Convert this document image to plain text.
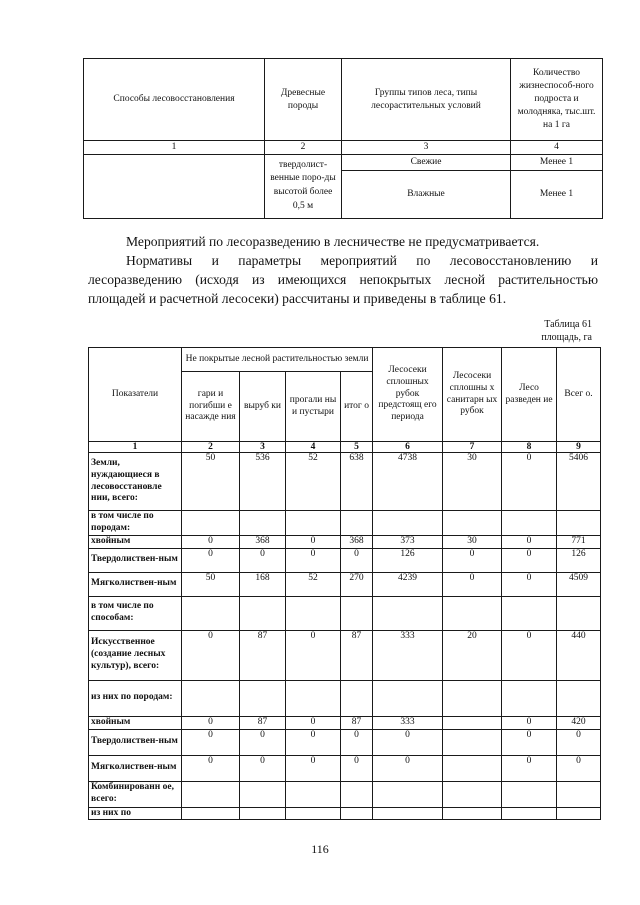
Способы лесовосстановления	Древесные породы	Группы типов леса, типы лесорастительных условий	Количество жизнеспособ-ного подроста и молодняка, тыс.шт. на 1 га
1	2	3	4
	твердолист-венные поро-ды высотой более 0,5 м	Свежие	Менее 1
		Влажные	Менее 1

Мероприятий по лесоразведению в лесничестве не предусматривается.

Нормативы и параметры мероприятий по лесовосстановлению и лесоразведению (исходя из имеющихся непокрытых лесной растительностью площадей и расчетной лесосеки) рассчитаны и приведены в таблице 61.

Таблица 61
площадь, га
Показатели	Не покрытые лесной растительностью земли				Лесосеки сплошных рубок предстоящ его периода	Лесосеки сплошны х санитарн ых рубок	Лесо разведен ие	Всег о.
	гари и погибши е насажде ния	выруб ки	прогали ны и пустыри	итог о				
1	2	3	4	5	6	7	8	9
Земли, нуждающиеся в лесовосстановле нии, всего:	50	536	52	638	4738	30	0	5406
в том числе по породам:								
хвойным	0	368	0	368	373	30	0	771
Твердолиствен-ным	0	0	0	0	126	0	0	126
Мягколиствен-ным	50	168	52	270	4239	0	0	4509
в том числе по способам:								
Искусственное (создание лесных культур), всего:	0	87	0	87	333	20	0	440
из них по породам:								
хвойным	0	87	0	87	333		0	420
Твердолиствен-ным	0	0	0	0	0		0	0
Мягколиствен-ным	0	0	0	0	0		0	0
Комбинированн ое, всего:								
из них по								
116
